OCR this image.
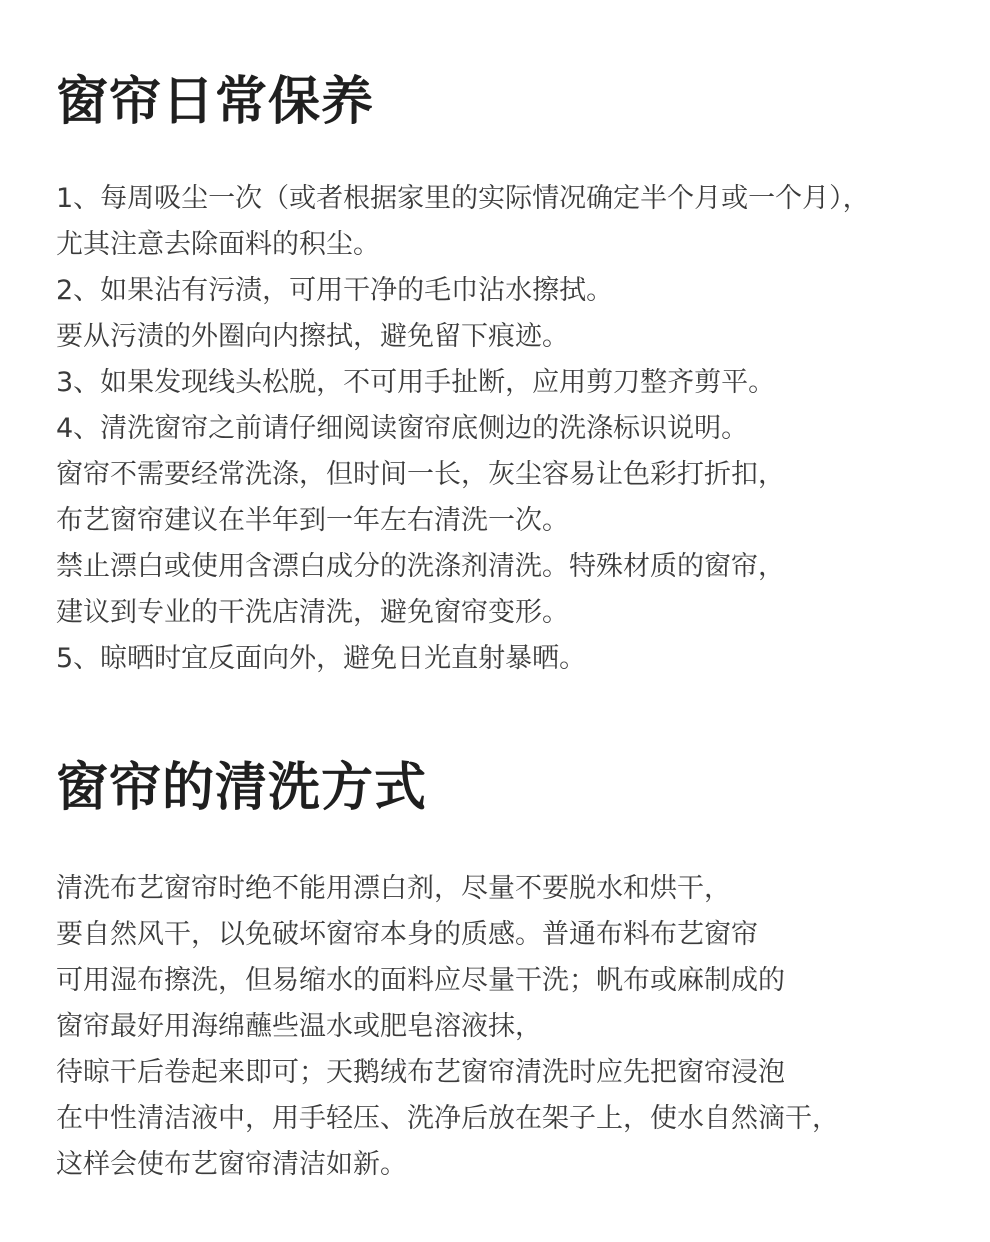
窗帘日常保养
1、每周吸尘一次（或者根据家里的实际情况确定半个月或一个月），
尤其注意去除面料的积尘。
2、如果沾有污渍，可用干净的毛巾沾水擦拭。
要从污渍的外圈向内擦拭，避免留下痕迹。
3、如果发现线头松脱，不可用手扯断，应用剪刀整齐剪平。
4、清洗窗帘之前请仔细阅读窗帘底侧边的洗涤标识说明。
窗帘不需要经常洗涤，但时间一长，灰尘容易让色彩打折扣，
布艺窗帘建议在半年到一年左右清洗一次。
禁止漂白或使用含漂白成分的洗涤剂清洗。特殊材质的窗帘，
建议到专业的干洗店清洗，避免窗帘变形。
5、晾晒时宜反面向外，避免日光直射暴晒。
窗帘的清洗方式
清洗布艺窗帘时绝不能用漂白剂，尽量不要脱水和烘干，
要自然风干，以免破坏窗帘本身的质感。普通布料布艺窗帘
可用湿布擦洗，但易缩水的面料应尽量干洗；帆布或麻制成的
窗帘最好用海绵蘸些温水或肥皂溶液抹，
待晾干后卷起来即可；天鹅绒布艺窗帘清洗时应先把窗帘浸泡
在中性清洁液中，用手轻压、洗净后放在架子上，使水自然滴干，
这样会使布艺窗帘清洁如新。
